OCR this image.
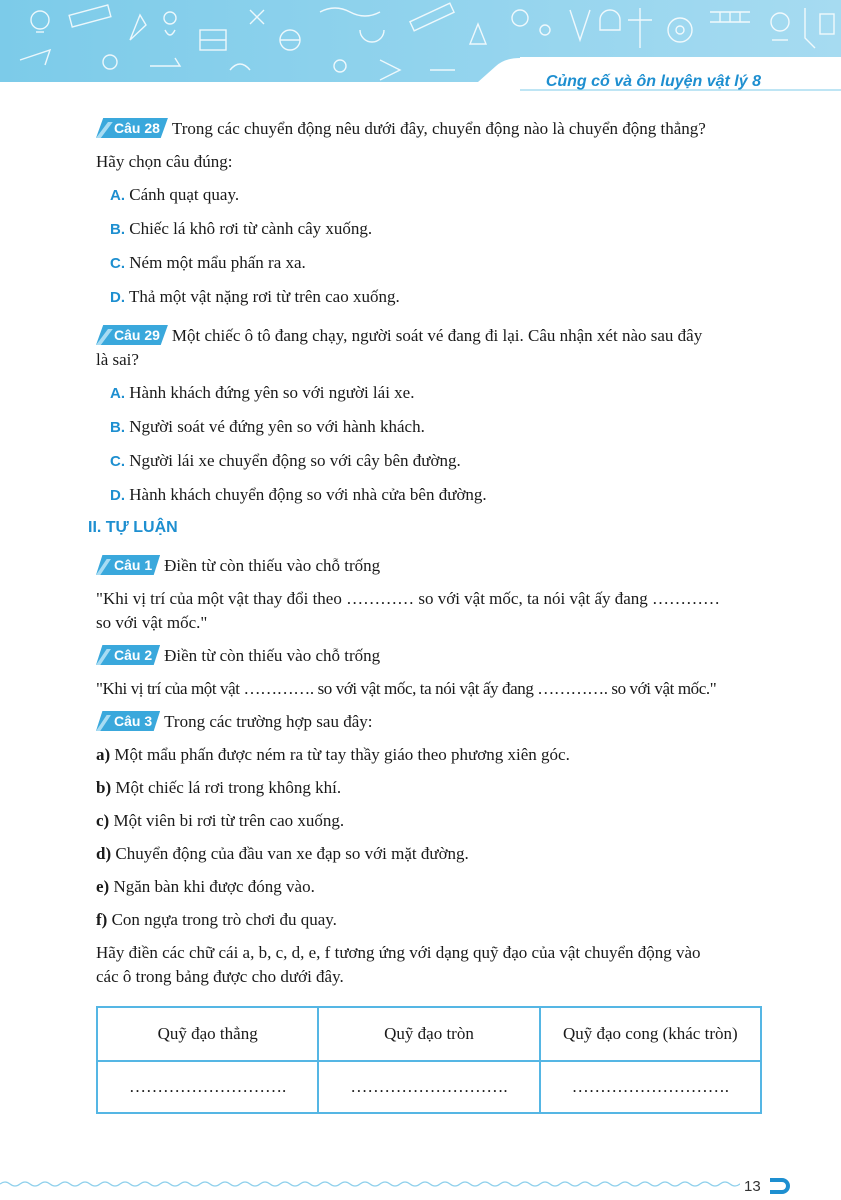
Củng cố và ôn luyện vật lý 8

Câu 28 Trong các chuyển động nêu dưới đây, chuyển động nào là chuyển động thẳng?

Hãy chọn câu đúng:

A. Cánh quạt quay.

B. Chiếc lá khô rơi từ cành cây xuống.

C. Ném một mẩu phấn ra xa.

D. Thả một vật nặng rơi từ trên cao xuống.

Câu 29 Một chiếc ô tô đang chạy, người soát vé đang đi lại. Câu nhận xét nào sau đây

là sai?

A. Hành khách đứng yên so với người lái xe.

B. Người soát vé đứng yên so với hành khách.

C. Người lái xe chuyển động so với cây bên đường.

D. Hành khách chuyển động so với nhà cửa bên đường.

II. TỰ LUẬN

Câu 1 Điền từ còn thiếu vào chỗ trống

"Khi vị trí của một vật thay đổi theo ………… so với vật mốc, ta nói vật ấy đang …………

so với vật mốc."

Câu 2 Điền từ còn thiếu vào chỗ trống

"Khi vị trí của một vật …………. so với vật mốc, ta nói vật ấy đang …………. so với vật mốc."

Câu 3 Trong các trường hợp sau đây:

a) Một mẩu phấn được ném ra từ tay thầy giáo theo phương xiên góc.

b) Một chiếc lá rơi trong không khí.

c) Một viên bi rơi từ trên cao xuống.

d) Chuyển động của đầu van xe đạp so với mặt đường.

e) Ngăn bàn khi được đóng vào.

f) Con ngựa trong trò chơi đu quay.

Hãy điền các chữ cái a, b, c, d, e, f tương ứng với dạng quỹ đạo của vật chuyển động vào

các ô trong bảng được cho dưới đây.

Quỹ đạo thẳng	Quỹ đạo tròn	Quỹ đạo cong (khác tròn)
……………………….	……………………….	……………………….
13
